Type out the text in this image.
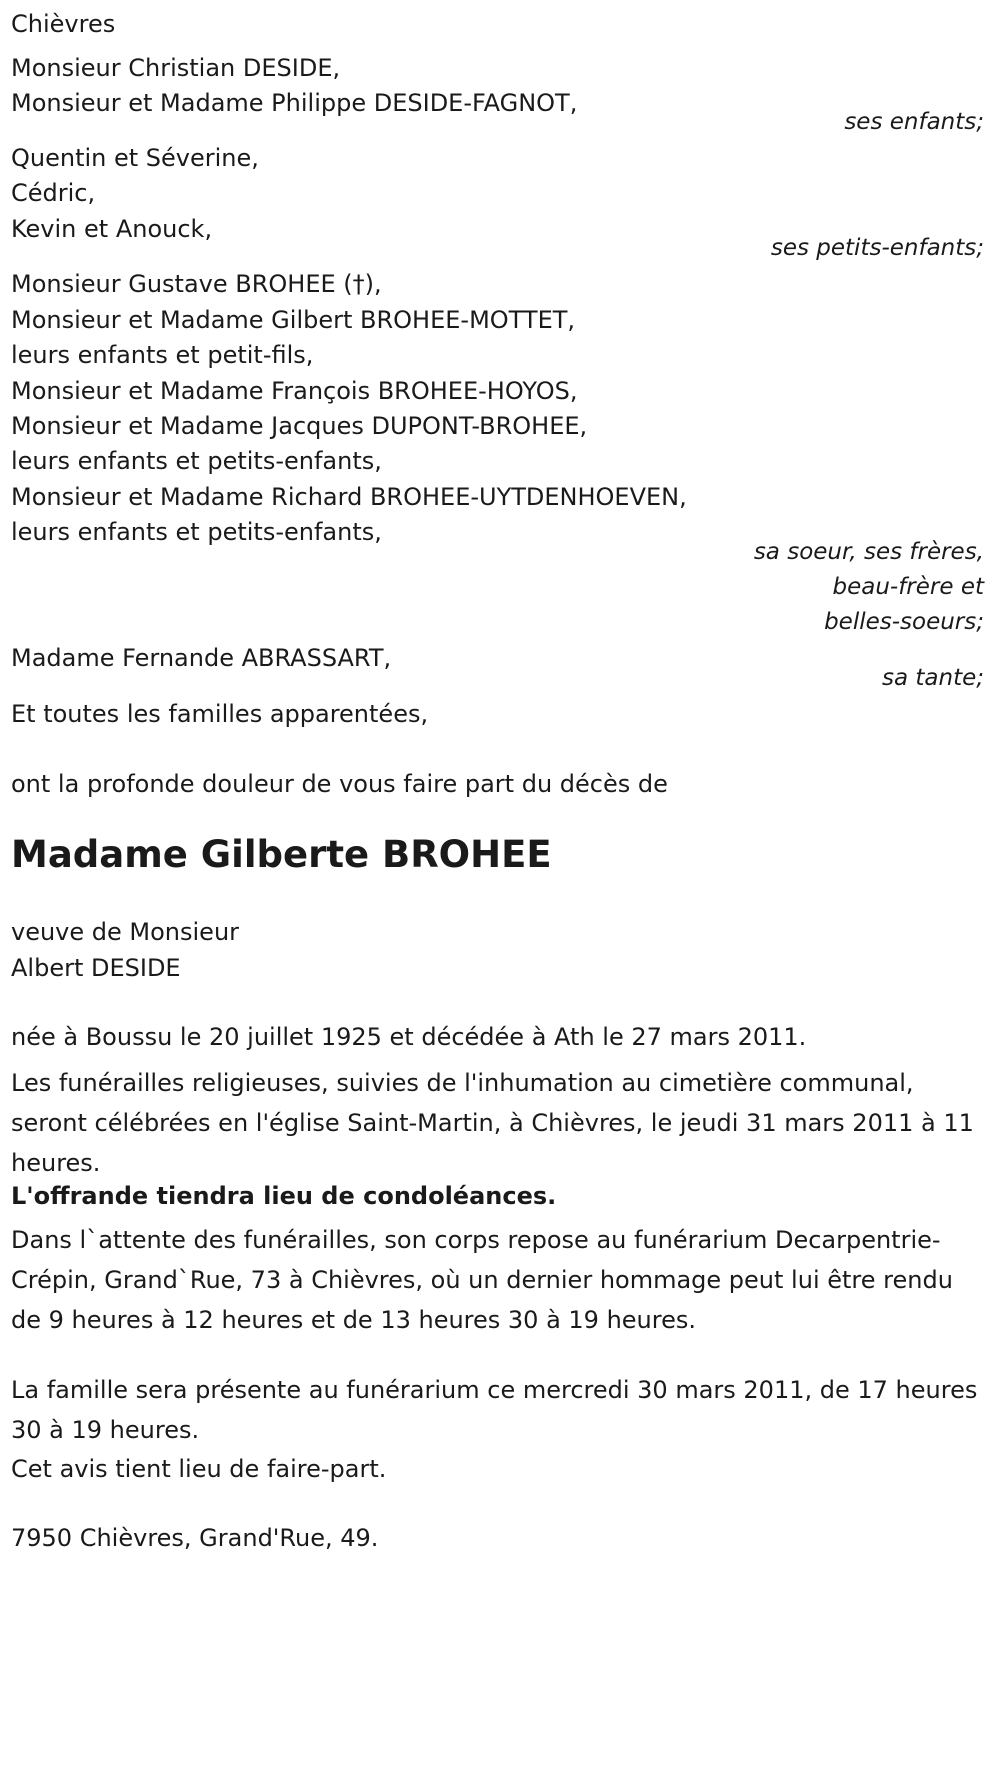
Chièvres

Monsieur Christian DESIDE,

Monsieur et Madame Philippe DESIDE-FAGNOT,

ses enfants;

Quentin et Séverine,

Cédric,

Kevin et Anouck,

ses petits-enfants;

Monsieur Gustave BROHEE (†),

Monsieur et Madame Gilbert BROHEE-MOTTET,

leurs enfants et petit-fils,

Monsieur et Madame François BROHEE-HOYOS,

Monsieur et Madame Jacques DUPONT-BROHEE,

leurs enfants et petits-enfants,

Monsieur et Madame Richard BROHEE-UYTDENHOEVEN,

leurs enfants et petits-enfants,

sa soeur, ses frères,

beau-frère et

belles-soeurs;

Madame Fernande ABRASSART,

sa tante;

Et toutes les familles apparentées,

ont la profonde douleur de vous faire part du décès de

Madame Gilberte BROHEE

veuve de Monsieur

Albert DESIDE

née à Boussu le 20 juillet 1925 et décédée à Ath le 27 mars 2011.

Les funérailles religieuses, suivies de l'inhumation au cimetière communal, seront célébrées en l'église Saint-Martin, à Chièvres, le jeudi 31 mars 2011 à 11 heures.

L'offrande tiendra lieu de condoléances.

Dans l`attente des funérailles, son corps repose au funérarium Decarpentrie-Crépin, Grand`Rue, 73 à Chièvres, où un dernier hommage peut lui être rendu de 9 heures à 12 heures et de 13 heures 30 à 19 heures.

La famille sera présente au funérarium ce mercredi 30 mars 2011, de 17 heures 30 à 19 heures.

Cet avis tient lieu de faire-part.

7950 Chièvres, Grand'Rue, 49.
